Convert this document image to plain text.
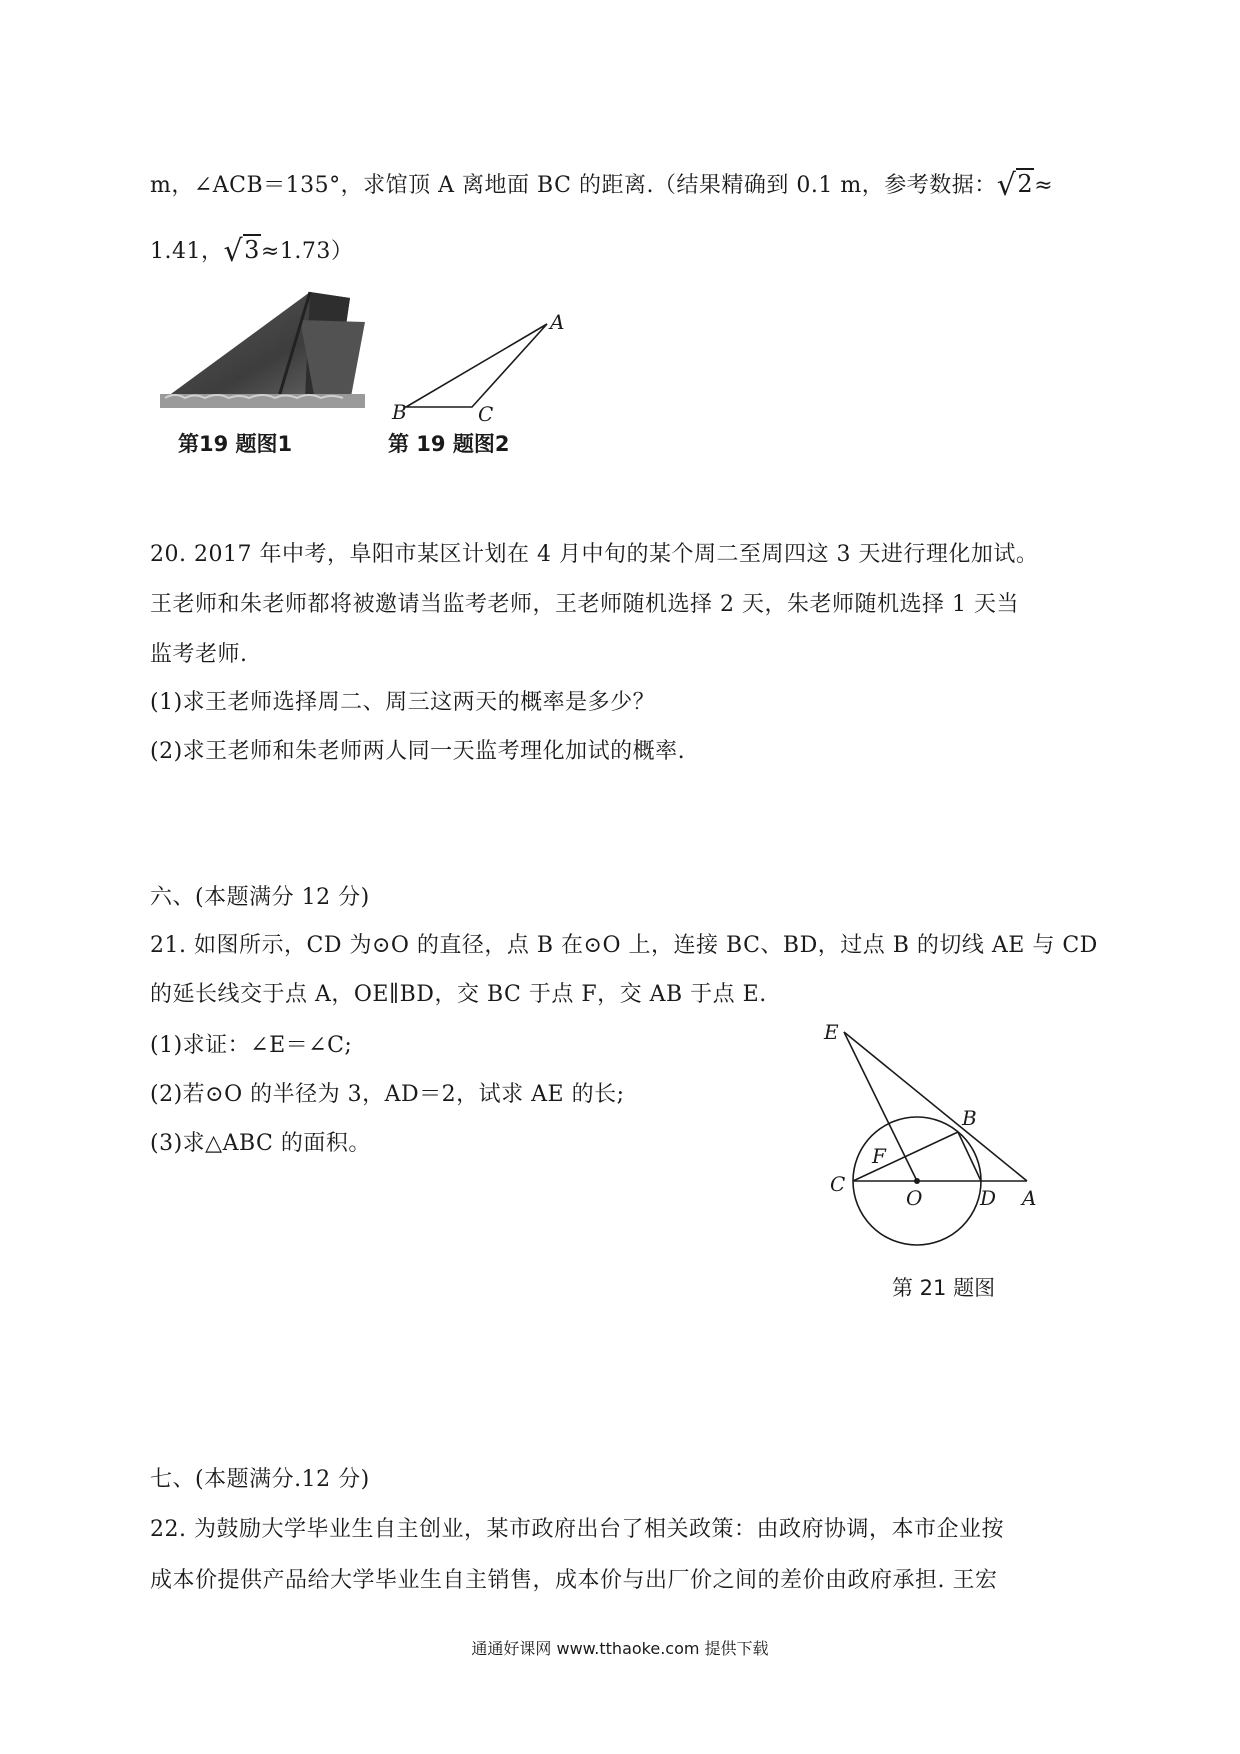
m，∠ACB＝135°，求馆顶 A 离地面 BC 的距离.（结果精确到 0.1 m，参考数据：√2≈
1.41，√3≈1.73）
第19 题图1
A
B	C
第 19 题图2
20. 2017 年中考，阜阳市某区计划在 4 月中旬的某个周二至周四这 3 天进行理化加试。
王老师和朱老师都将被邀请当监考老师，王老师随机选择 2 天，朱老师随机选择 1 天当
监考老师.
(1)求王老师选择周二、周三这两天的概率是多少？
(2)求王老师和朱老师两人同一天监考理化加试的概率.
六、(本题满分 12 分)
21. 如图所示，CD 为⊙O 的直径，点 B 在⊙O 上，连接 BC、BD，过点 B 的切线 AE 与 CD
的延长线交于点 A，OE∥BD，交 BC 于点 F，交 AB 于点 E.
(1)求证：∠E＝∠C;
(2)若⊙O 的半径为 3，AD＝2，试求 AE 的长;
(3)求△ABC 的面积。
E
B
F
C
O	D A
第 21 题图
七、(本题满分.12 分)
22. 为鼓励大学毕业生自主创业，某市政府出台了相关政策：由政府协调，本市企业按
成本价提供产品给大学毕业生自主销售，成本价与出厂价之间的差价由政府承担. 王宏
通通好课网 www.tthaoke.com 提供下载
